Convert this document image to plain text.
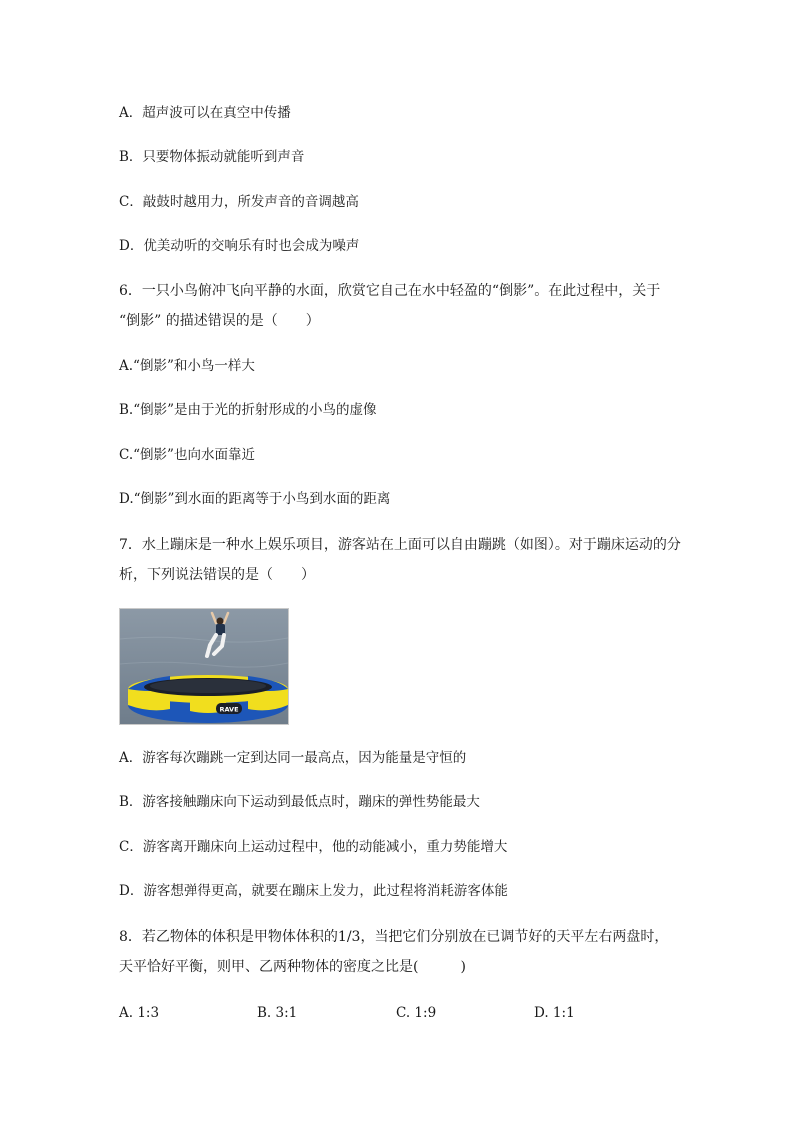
A．超声波可以在真空中传播
B．只要物体振动就能听到声音
C．敲鼓时越用力，所发声音的音调越高
D．优美动听的交响乐有时也会成为噪声
6．一只小鸟俯冲飞向平静的水面，欣赏它自己在水中轻盈的“倒影”。在此过程中，关于
“倒影” 的描述错误的是（　　）
A.“倒影”和小鸟一样大
B.“倒影”是由于光的折射形成的小鸟的虚像
C.“倒影”也向水面靠近
D.“倒影”到水面的距离等于小鸟到水面的距离
7．水上蹦床是一种水上娱乐项目，游客站在上面可以自由蹦跳（如图）。对于蹦床运动的分
析，下列说法错误的是（　　）
RAVE
A．游客每次蹦跳一定到达同一最高点，因为能量是守恒的
B．游客接触蹦床向下运动到最低点时，蹦床的弹性势能最大
C．游客离开蹦床向上运动过程中，他的动能减小，重力势能增大
D．游客想弹得更高，就要在蹦床上发力，此过程将消耗游客体能
8．若乙物体的体积是甲物体体积的1/3，当把它们分别放在已调节好的天平左右两盘时，
天平恰好平衡，则甲、乙两种物体的密度之比是(　　　)
A. 1:3	B. 3:1	C. 1:9	D. 1:1
